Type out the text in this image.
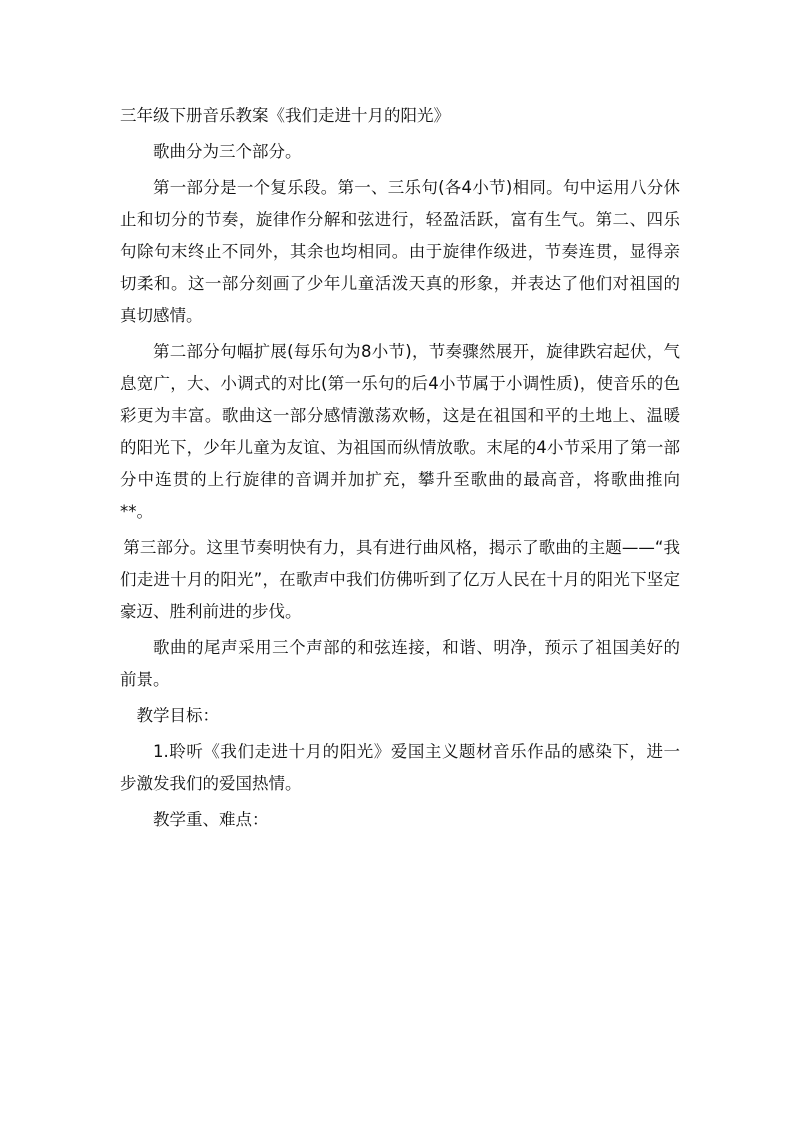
三年级下册音乐教案《我们走进十月的阳光》

歌曲分为三个部分。

第一部分是一个复乐段。第一、三乐句(各4小节)相同。句中运用八分休止和切分的节奏，旋律作分解和弦进行，轻盈活跃，富有生气。第二、四乐句除句末终止不同外，其余也均相同。由于旋律作级进，节奏连贯，显得亲切柔和。这一部分刻画了少年儿童活泼天真的形象，并表达了他们对祖国的真切感情。

第二部分句幅扩展(每乐句为8小节)，节奏骤然展开，旋律跌宕起伏，气息宽广，大、小调式的对比(第一乐句的后4小节属于小调性质)，使音乐的色彩更为丰富。歌曲这一部分感情激荡欢畅，这是在祖国和平的土地上、温暖的阳光下，少年儿童为友谊、为祖国而纵情放歌。末尾的4小节采用了第一部分中连贯的上行旋律的音调并加扩充，攀升至歌曲的最高音，将歌曲推向**。

第三部分。这里节奏明快有力，具有进行曲风格，揭示了歌曲的主题——“我们走进十月的阳光”，在歌声中我们仿佛听到了亿万人民在十月的阳光下坚定豪迈、胜利前进的步伐。

歌曲的尾声采用三个声部的和弦连接，和谐、明净，预示了祖国美好的前景。

教学目标：

1.聆听《我们走进十月的阳光》爱国主义题材音乐作品的感染下，进一步激发我们的爱国热情。

教学重、难点：
